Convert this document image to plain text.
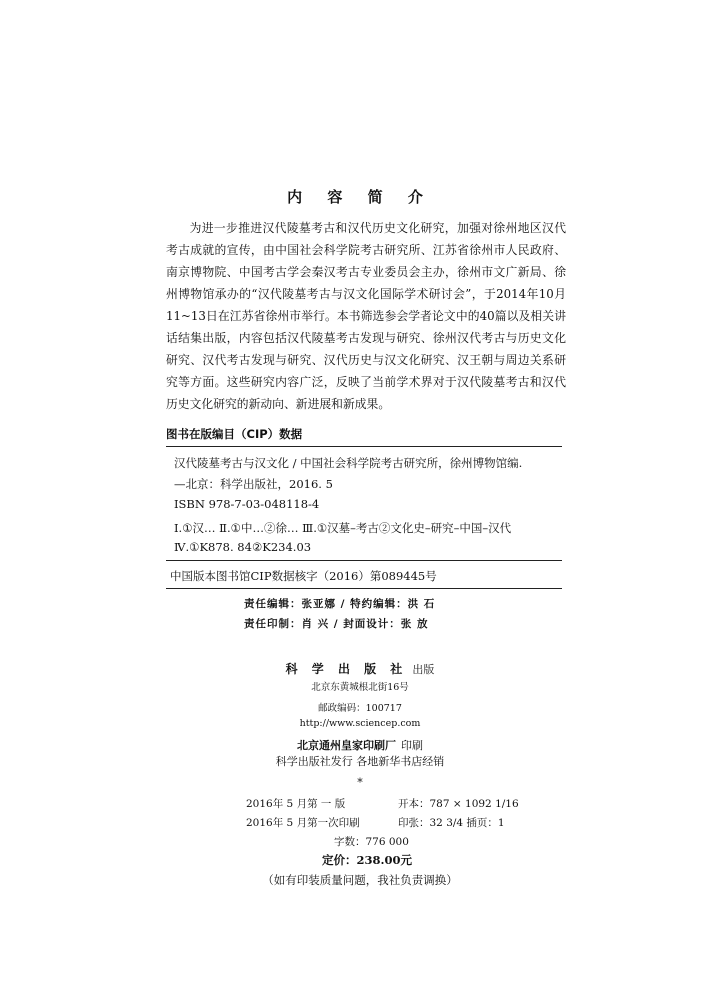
内 容 简 介

为进一步推进汉代陵墓考古和汉代历史文化研究，加强对徐州地区汉代考古成就的宣传，由中国社会科学院考古研究所、江苏省徐州市人民政府、南京博物院、中国考古学会秦汉考古专业委员会主办，徐州市文广新局、徐州博物馆承办的“汉代陵墓考古与汉文化国际学术研讨会”，于2014年10月11~13日在江苏省徐州市举行。本书筛选参会学者论文中的40篇以及相关讲话结集出版，内容包括汉代陵墓考古发现与研究、徐州汉代考古与历史文化研究、汉代考古发现与研究、汉代历史与汉文化研究、汉王朝与周边关系研究等方面。这些研究内容广泛，反映了当前学术界对于汉代陵墓考古和汉代历史文化研究的新动向、新进展和新成果。

图书在版编目（CIP）数据
汉代陵墓考古与汉文化 / 中国社会科学院考古研究所，徐州博物馆编.
—北京：科学出版社，2016. 5
ISBN 978-7-03-048118-4
Ⅰ.①汉… Ⅱ.①中…②徐… Ⅲ.①汉墓–考古②文化史–研究–中国–汉代
Ⅳ.①K878. 84②K234.03
中国版本图书馆CIP数据核字（2016）第089445号
责任编辑：张亚娜 / 特约编辑：洪 石
责任印制：肖 兴 / 封面设计：张 放
科 学 出 版 社 出版
北京东黄城根北街16号
邮政编码：100717
http://www.sciencep.com
北京通州皇家印刷厂 印刷
科学出版社发行 各地新华书店经销
*
2016年 5 月第 一 版	开本：787 × 1092 1/16
2016年 5 月第一次印刷	印张：32 3/4 插页：1
字数：776 000
定价：238.00元
（如有印装质量问题，我社负责调换）
